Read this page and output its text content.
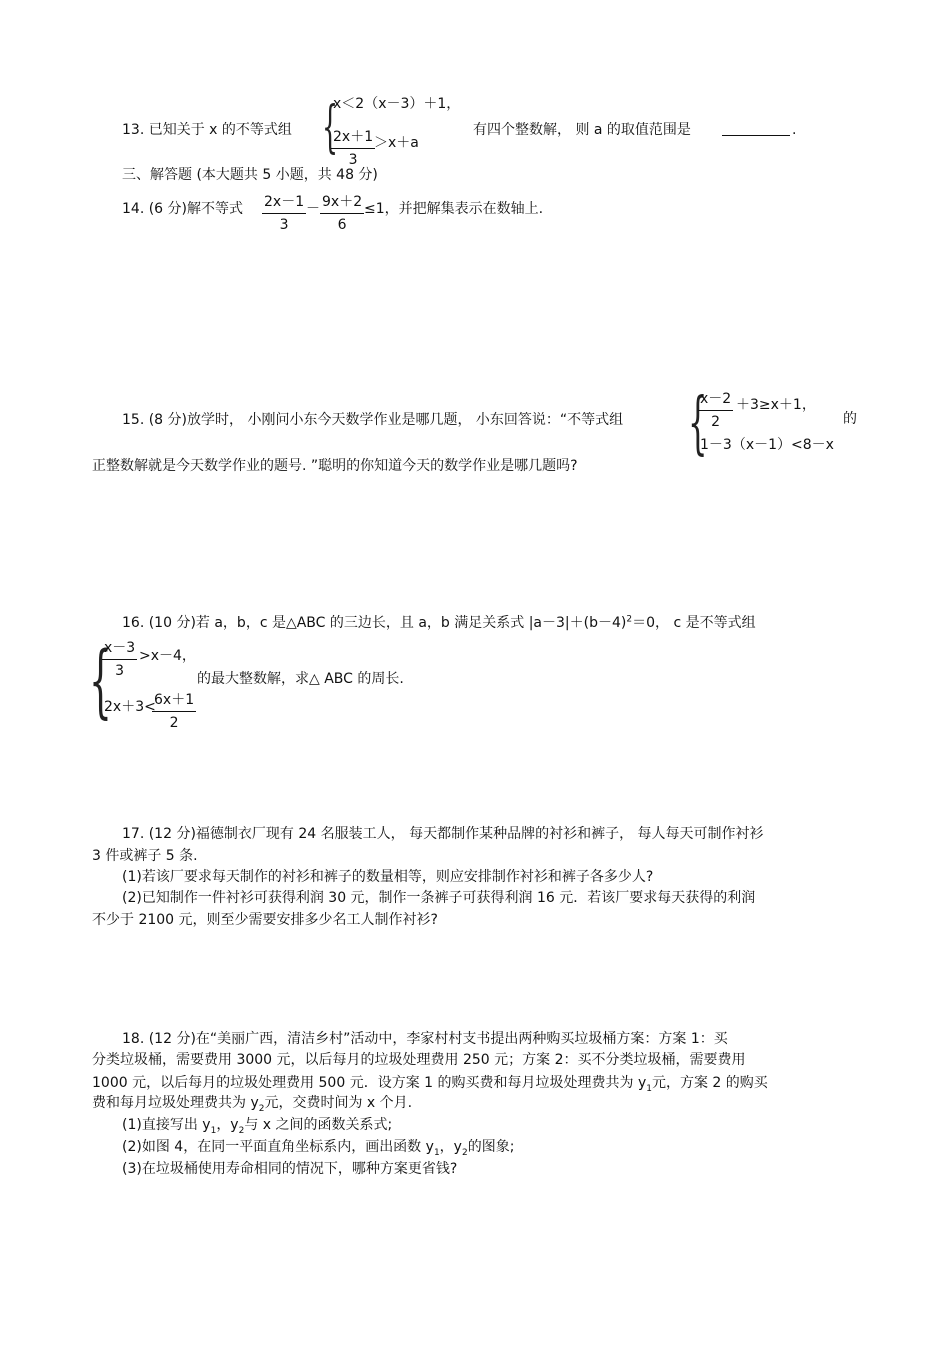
13. 已知关于 x 的不等式组 {
x＜2（x－3）＋1，
$\frac{2x+1}{3}$
＞x＋a
有四个整数解， 则 a 的取值范围是	.
三、解答题 (本大题共 5 小题，共 48 分)
14. (6 分)解不等式 $\frac{2x-1}{3} - \frac{9x+2}{6} \le 1$，并把解集表示在数轴上.
15. (8 分)放学时， 小刚问小东今天数学作业是哪几题， 小东回答说：“不等式组 {
$\frac{x-2}{2} +3\ge x+1$，
1－3（x－1）<8－x
的
正整数解就是今天数学作业的题号. ”聪明的你知道今天的数学作业是哪几题吗?
16. (10 分)若 a，b，c 是△ABC 的三边长，且 a，b 满足关系式 $|a-3|+(b-4)^2=0$， c 是不等式组
{
$\frac{x-3}{3} >x-4$，
的最大整数解，求△ ABC 的周长.
2x＋3<
$\frac{6x+1}{2}$
17. (12 分)福德制衣厂现有 24 名服装工人， 每天都制作某种品牌的衬衫和裤子， 每人每天可制作衬衫
3 件或裤子 5 条.
(1)若该厂要求每天制作的衬衫和裤子的数量相等，则应安排制作衬衫和裤子各多少人?
(2)已知制作一件衬衫可获得利润 30 元，制作一条裤子可获得利润 16 元．若该厂要求每天获得的利润
不少于 2100 元，则至少需要安排多少名工人制作衬衫?
18. (12 分)在“美丽广西，清洁乡村”活动中，李家村村支书提出两种购买垃圾桶方案：方案 1：买
分类垃圾桶，需要费用 3000 元，以后每月的垃圾处理费用 250 元；方案 2：买不分类垃圾桶，需要费用
1000 元，以后每月的垃圾处理费用 500 元．设方案 1 的购买费和每月垃圾处理费共为 $y_1$元，方案 2 的购买
费和每月垃圾处理费共为 $y_2$元，交费时间为 x 个月.
(1)直接写出 $y_1$，$y_2$与 x 之间的函数关系式;
(2)如图 4，在同一平面直角坐标系内，画出函数 $y_1$，$y_2$的图象;
(3)在垃圾桶使用寿命相同的情况下，哪种方案更省钱?
